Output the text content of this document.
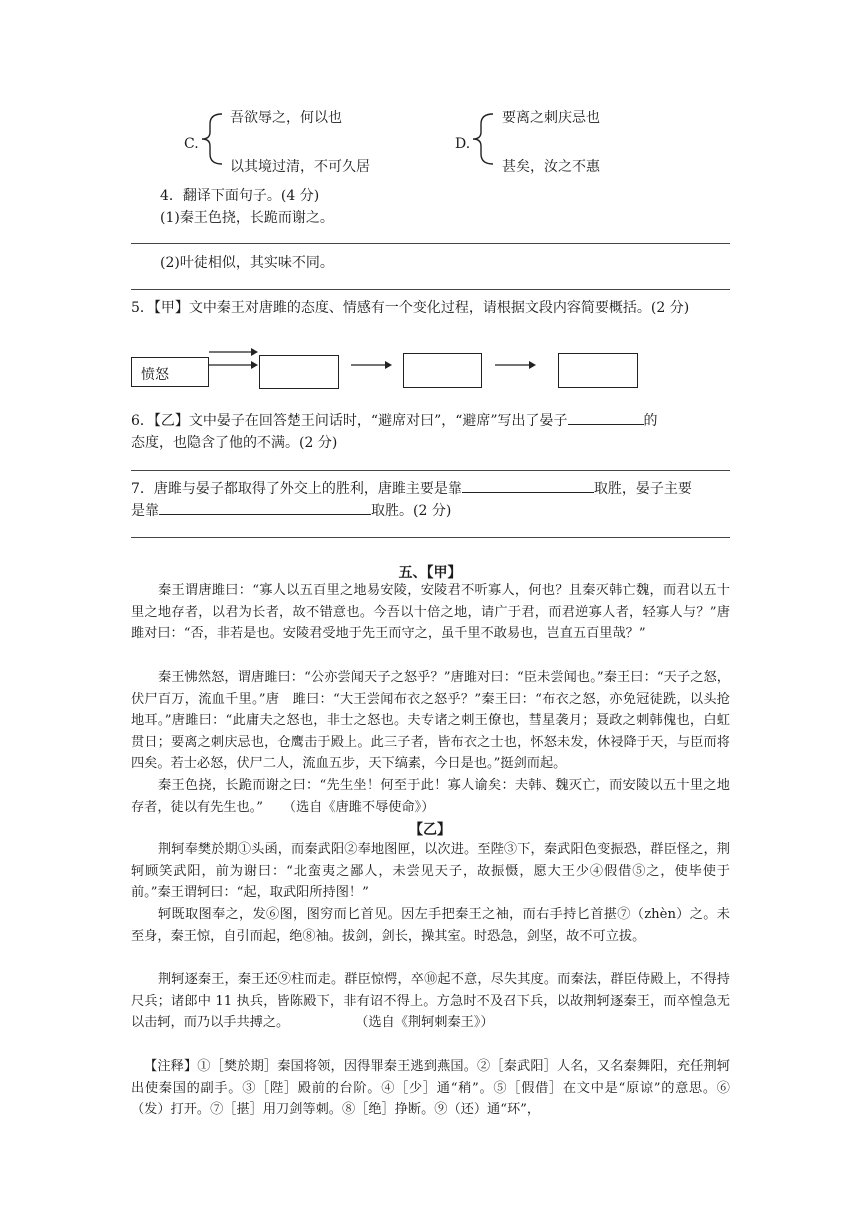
C.
吾欲辱之，何以也
以其境过清，不可久居
D.
要离之刺庆忌也
甚矣，汝之不惠
4．翻译下面句子。(4 分)
(1)秦王色挠，长跪而谢之。
(2)叶徒相似，其实味不同。
5．【甲】文中秦王对唐雎的态度、情感有一个变化过程，请根据文段内容简要概括。(2 分)
愤怒
6．【乙】文中晏子在回答楚王问话时，“避席对曰”，“避席”写出了晏子	的
态度，也隐含了他的不满。(2 分)
7．唐雎与晏子都取得了外交上的胜利，唐雎主要是靠	取胜，晏子主要
是靠	取胜。(2 分)
五、【甲】
秦王谓唐雎曰：“寡人以五百里之地易安陵，安陵君不听寡人，何也？且秦灭韩亡魏，而君以五十里之地存者，以君为长者，故不错意也。今吾以十倍之地，请广于君，而君逆寡人者，轻寡人与？”唐雎对曰：“否，非若是也。安陵君受地于先王而守之，虽千里不敢易也，岂直五百里哉？”
秦王怫然怒，谓唐雎曰：“公亦尝闻天子之怒乎？”唐雎对曰：“臣未尝闻也。”秦王曰：“天子之怒，伏尸百万，流血千里。”唐　雎曰：“大王尝闻布衣之怒乎？”秦王曰：“布衣之怒，亦免冠徒跣，以头抢地耳。”唐雎曰：“此庸夫之怒也，非士之怒也。夫专诸之刺王僚也，彗星袭月；聂政之刺韩傀也，白虹贯日；要离之刺庆忌也，仓鹰击于殿上。此三子者，皆布衣之士也，怀怒未发，休祲降于天，与臣而将四矣。若士必怒，伏尸二人，流血五步，天下缟素，今日是也。”挺剑而起。
秦王色挠，长跪而谢之曰：“先生坐！何至于此！寡人谕矣：夫韩、魏灭亡，而安陵以五十里之地存者，徒以有先生也。”　　 （选自《唐雎不辱使命》）
【乙】
荆轲奉樊於期①头函，而秦武阳②奉地图匣，以次进。至陛③下，秦武阳色变振恐，群臣怪之，荆轲顾笑武阳，前为谢曰：“北蛮夷之鄙人，未尝见天子，故振慑，愿大王少④假借⑤之，使毕使于前。”秦王谓轲曰：“起，取武阳所持图！”
轲既取图奉之，发⑥图，图穷而匕首见。因左手把秦王之袖，而右手持匕首揕⑦（zhèn）之。未至身，秦王惊，自引而起，绝⑧袖。拔剑，剑长，操其室。时恐急，剑坚，故不可立拔。
荆轲逐秦王，秦王还⑨柱而走。群臣惊愕，卒⑩起不意，尽失其度。而秦法，群臣侍殿上，不得持尺兵；诸郎中 11 执兵，皆陈殿下，非有诏不得上。方急时不及召下兵，以故荆轲逐秦王，而卒惶急无以击轲，而乃以手共搏之。　　　　　　	（选自《荆轲刺秦王》）
【注释】①［樊於期］秦国将领，因得罪秦王逃到燕国。②［秦武阳］人名，又名秦舞阳，充任荆轲出使秦国的副手。③［陛］殿前的台阶。④［少］通“稍”。⑤［假借］在文中是“原谅”的意思。⑥（发）打开。⑦［揕］用刀剑等刺。⑧［绝］挣断。⑨（还）通“环”，
